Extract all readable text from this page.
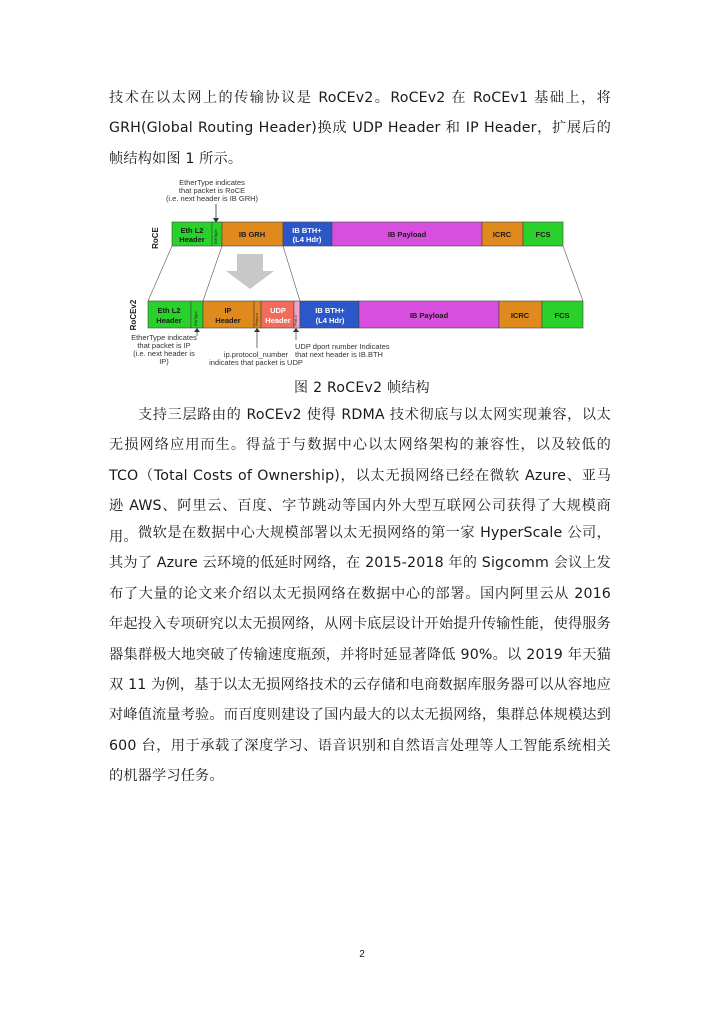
技术在以太网上的传输协议是 RoCEv2。RoCEv2 在 RoCEv1 基础上，将 GRH(Global Routing Header)换成 UDP Header 和 IP Header，扩展后的帧结构如图 1 所示。

EtherType indicates
that packet is RoCE
(i.e. next header is IB GRH)
RoCE	Eth L2
Header EthType	IB GRH	IB BTH+
(L4 Hdr)
IB Payload	ICRC	FCS
RoCEv2	Eth L2
Header	EthType
IP
Header	Proto #
UDP
Header Port #
IB BTH+
(L4 Hdr)
IB Payload	ICRC	FCS
EtherType indicates
that packet is IP
(i.e. next header is
IP)
ip.protocol_number
indicates that packet is UDP
UDP dport number Indicates
that next header is IB.BTH
图 2 RoCEv2 帧结构

支持三层路由的 RoCEv2 使得 RDMA 技术彻底与以太网实现兼容，以太无损网络应用而生。得益于与数据中心以太网络架构的兼容性，以及较低的 TCO（Total Costs of Ownership)，以太无损网络已经在微软 Azure、亚马逊 AWS、阿里云、百度、字节跳动等国内外大型互联网公司获得了大规模商用。 微软是在数据中心大规模部署以太无损网络的第一家 HyperScale 公司，其为了 Azure 云环境的低延时网络，在 2015-2018 年的 Sigcomm 会议上发布了大量的论文来介绍以太无损网络在数据中心的部署。国内阿里云从 2016 年起投入专项研究以太无损网络，从网卡底层设计开始提升传输性能，使得服务器集群极大地突破了传输速度瓶颈，并将时延显著降低 90%。以 2019 年天猫双 11 为例，基于以太无损网络技术的云存储和电商数据库服务器可以从容地应对峰值流量考验。而百度则建设了国内最大的以太无损网络，集群总体规模达到 600 台，用于承载了深度学习、语音识别和自然语言处理等人工智能系统相关的机器学习任务。

2
